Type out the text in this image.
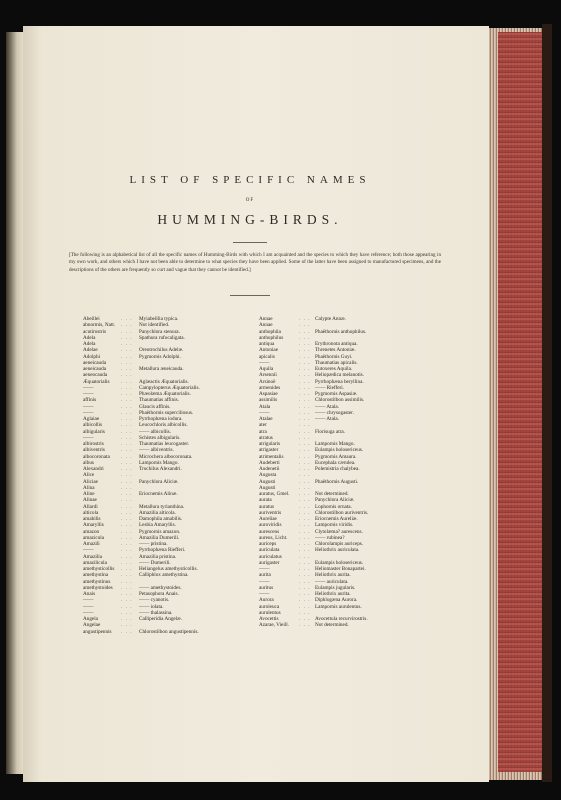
LIST OF SPECIFIC NAMES
OF
HUMMING-BIRDS.
[The following is an alphabetical list of all the specific names of Humming-Birds with which I am acquainted and the species to which they have reference; both those appearing in my own work, and others which I have not been able to determine to what species they have been applied. Some of the latter have been assigned to manufactured specimens, and the descriptions of the others are frequently so curt and vague that they cannot be identified.]
Abeillei	. . . Myiabeillia typica.
abnormis, Natt. . . . Not identified.
acutirostris	. . . Panychlora stenura.
Adela	. . . Spathura rufocaligata.
Adela	. . .
Adelae	. . . Oreotrochilus Adelæ.
Adolphi	. . . Pygmornis Adolphi.
aeneicauda	. . .
aeneicauda	. . . Metallura æneicauda.
aeneocauda	. . .
Æquatorialis . . . Aglæactis Æquatorialis.
——	. . . Campylopterus Æquatorialis.
——	. . . Phæolæma Æquatorialis.
affinis	. . . Thaumatias affinis.
——	. . . Glaucis affinis.
——	. . . Phaëthornis superciliosus.
Aglaiae	. . . Pyrrhophæna iodura.
albicollis	. . . Leucochloris albicollis.
albigularis	. . . —— albicollis.
——	. . . Schistes albigularis.
albirostris	. . . Thaumatias leucogaster.
albiventris	. . . —— albiventris.
albocoronata . . . Microchera albocoronata.
albus	. . . Lampornis Mango.
Alexandri	. . . Trochilus Alexandri.
Alice	. . .
Aliciae	. . . Panychlora Aliciæ.
Alina	. . .
Aline	. . . Eriocnemis Alinæ.
Alinae	. . .
Allardi	. . . Metallura tyrianthina.
alticola	. . . Amazilia alticola.
amabilis	. . . Damophila amabilis.
Amaryllis	. . . Lesbia Amaryllis.
amazon	. . . Pygmornis amazon.
amazicula	. . . Amazilia Dumerili.
Amazili	. . . —— pristina.
——	. . . Pyrrhophæna Riefferi.
Amazilia	. . . Amazilia pristina.
amazilicula	. . . —— Dumerili.
amethysticollis . . . Heliangelus amethysticollis.
amethystina . . . Calliphlox amethystina.
amethystinus . . .
amethystoides . . . —— amethystoides.
Anais	. . . Petasophora Anais.
——	. . . —— cyanotis.
——	. . . —— iolata.
——	. . . —— thalassina.
Angela	. . . Calliperidia Angelæ.
Angelae	. . .
angustipennis . . . Chlorostilbon angustipennis.
Annae	. . . Calypte Annæ.
Annae	. . .
anthophila	. . . Phaëthornis anthophilus.
anthophilus	. . .
antiqua	. . . Erythronota antiqua.
Antoniae	. . . Threnetes Antoniæ.
apicalis	. . . Phaëthornis Guyi.
——	. . . Thaumatias apicalis.
Aquila	. . . Eutoxeres Aquila.
Arsennii	. . . Heliopædica melanotis.
Arsinoë	. . . Pyrrhophæna beryllina.
armenides	. . . —— Riefferi.
Aspasiae	. . . Pygmornis Aspasiæ.
assimilis	. . . Chlorostilbon assimilis.
Atala	. . . —— Atala.
——	. . . —— chrysogaster.
Atalae	. . . —— Atala.
ater	. . .
atra	. . . Florisuga atra.
atratus	. . .
atrigularis	. . . Lampornis Mango.
atrigaster	. . . Eulampis holosericeus.
atrimentalis	. . . Pygmornis Amaura.
Audeberti	. . . Eucephala cærulea.
Audenetii	. . . Polemistria chalybea.
Augusta	. . .
Augusti	. . . Phaëthornis Augusti.
Augusti	. . .
auratus, Gmel. . . . Not determined.
aurata	. . . Panychlora Aliciæ.
auratus	. . . Lophornis ornata.
auriventris	. . . Chlorostilbon auriventris.
Aureliae	. . . Eriocnemis Aureliæ.
auroviridis	. . . Lampornis viridis.
aurescens	. . . Clytolæma? aurescens.
aureus, Licht. . . . —— rubinea?
auriceps	. . . Chlorolampis auriceps.
auriculata	. . . Heliothrix auriculata.
auriculatus	. . .
aurigaster	. . . Eulampis holosericeus.
——	. . . Heliomaster Bonapartei.
aurita	. . . Heliothrix aurita.
——	. . . —— auriculata.
auritus	. . . Eulampis jugularis.
——	. . . Heliothrix aurita.
Aurora	. . . Diphlogæna Aurora.
auroleuca	. . . Lampornis aurulentus.
aurulentus	. . .
Avocettis	. . . Avocettula recurvirostris.
Azarae, Vieill. . . . Not determined.
